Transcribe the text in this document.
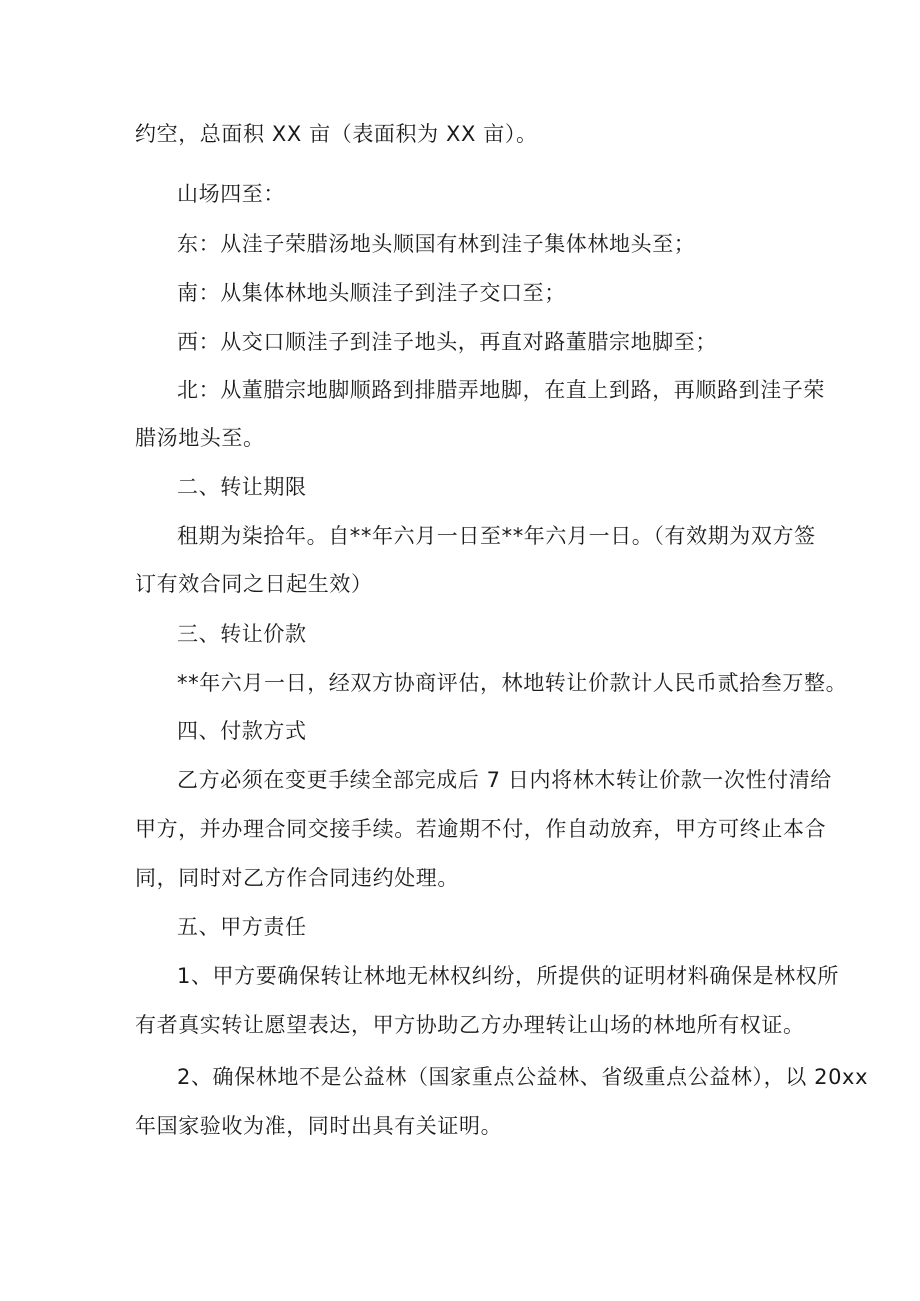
约空，总面积 XX 亩（表面积为 XX 亩）。

山场四至：

东：从洼子荣腊汤地头顺国有林到洼子集体林地头至；

南：从集体林地头顺洼子到洼子交口至；

西：从交口顺洼子到洼子地头，再直对路董腊宗地脚至；

北：从董腊宗地脚顺路到排腊弄地脚，在直上到路，再顺路到洼子荣

腊汤地头至。

二、转让期限

租期为柒拾年。自**年六月一日至**年六月一日。（有效期为双方签

订有效合同之日起生效）

三、转让价款

**年六月一日，经双方协商评估，林地转让价款计人民币贰拾叁万整。

四、付款方式

乙方必须在变更手续全部完成后 7 日内将林木转让价款一次性付清给

甲方，并办理合同交接手续。若逾期不付，作自动放弃，甲方可终止本合

同，同时对乙方作合同违约处理。

五、甲方责任

1、甲方要确保转让林地无林权纠纷，所提供的证明材料确保是林权所

有者真实转让愿望表达，甲方协助乙方办理转让山场的林地所有权证。

2、确保林地不是公益林（国家重点公益林、省级重点公益林），以 20xx

年国家验收为准，同时出具有关证明。
